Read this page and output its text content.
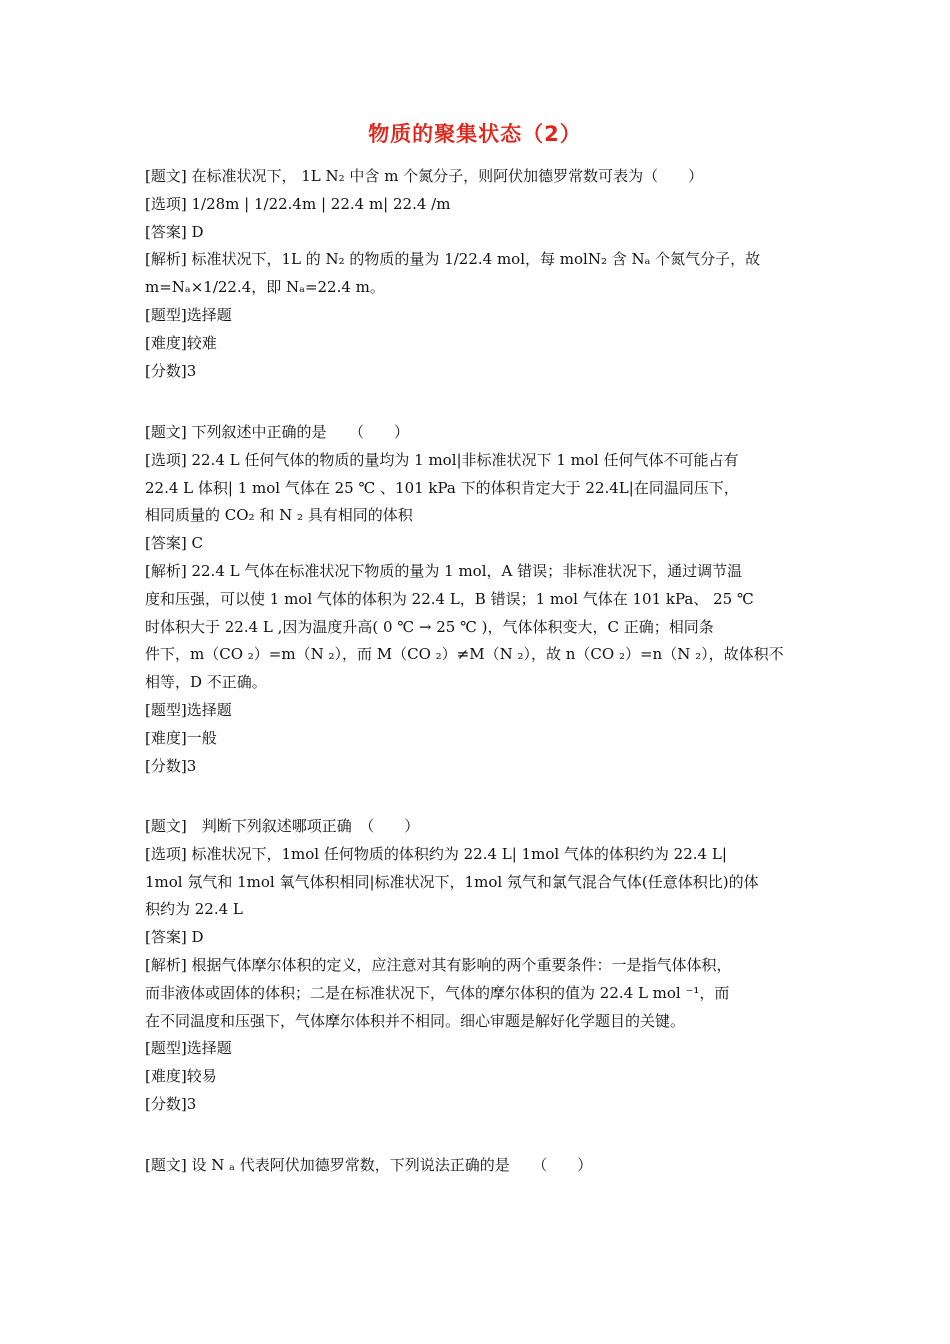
物质的聚集状态（2）
[题文] 在标准状况下， 1L N₂ 中含 m 个氮分子，则阿伏加德罗常数可表为（　　）
[选项] 1/28m | 1/22.4m | 22.4 m| 22.4 /m
[答案] D
[解析] 标准状况下，1L 的 N₂ 的物质的量为 1/22.4 mol，每 molN₂ 含 Nₐ 个氮气分子，故
m=Nₐ×1/22.4，即 Nₐ=22.4 m。
[题型]选择题
[难度]较难
[分数]3
[题文] 下列叙述中正确的是　　（　　）
[选项] 22.4 L 任何气体的物质的量均为 1 mol|非标准状况下 1 mol 任何气体不可能占有
22.4 L 体积| 1 mol 气体在 25 ℃ 、101 kPa 下的体积肯定大于 22.4L|在同温同压下，
相同质量的 CO₂ 和 N ₂ 具有相同的体积
[答案] C
[解析] 22.4 L 气体在标准状况下物质的量为 1 mol，A 错误；非标准状况下，通过调节温
度和压强，可以使 1 mol 气体的体积为 22.4 L，B 错误；1 mol 气体在 101 kPa、 25 ℃
时体积大于 22.4 L ,因为温度升高( 0 ℃ → 25 ℃ )，气体体积变大，C 正确；相同条
件下，m（CO ₂）=m（N ₂），而 M（CO ₂）≠M（N ₂），故 n（CO ₂）=n（N ₂），故体积不
相等，D 不正确。
[题型]选择题
[难度]一般
[分数]3
[题文]　判断下列叙述哪项正确　（　　）
[选项] 标准状况下，1mol 任何物质的体积约为 22.4 L| 1mol 气体的体积约为 22.4 L|
1mol 氖气和 1mol 氧气体积相同|标准状况下，1mol 氖气和氯气混合气体(任意体积比)的体
积约为 22.4 L
[答案] D
[解析] 根据气体摩尔体积的定义，应注意对其有影响的两个重要条件：一是指气体体积，
而非液体或固体的体积；二是在标准状况下，气体的摩尔体积的值为 22.4 L mol ⁻¹，而
在不同温度和压强下，气体摩尔体积并不相同。细心审题是解好化学题目的关键。
[题型]选择题
[难度]较易
[分数]3
[题文] 设 N ₐ 代表阿伏加德罗常数，下列说法正确的是　　（　　）
